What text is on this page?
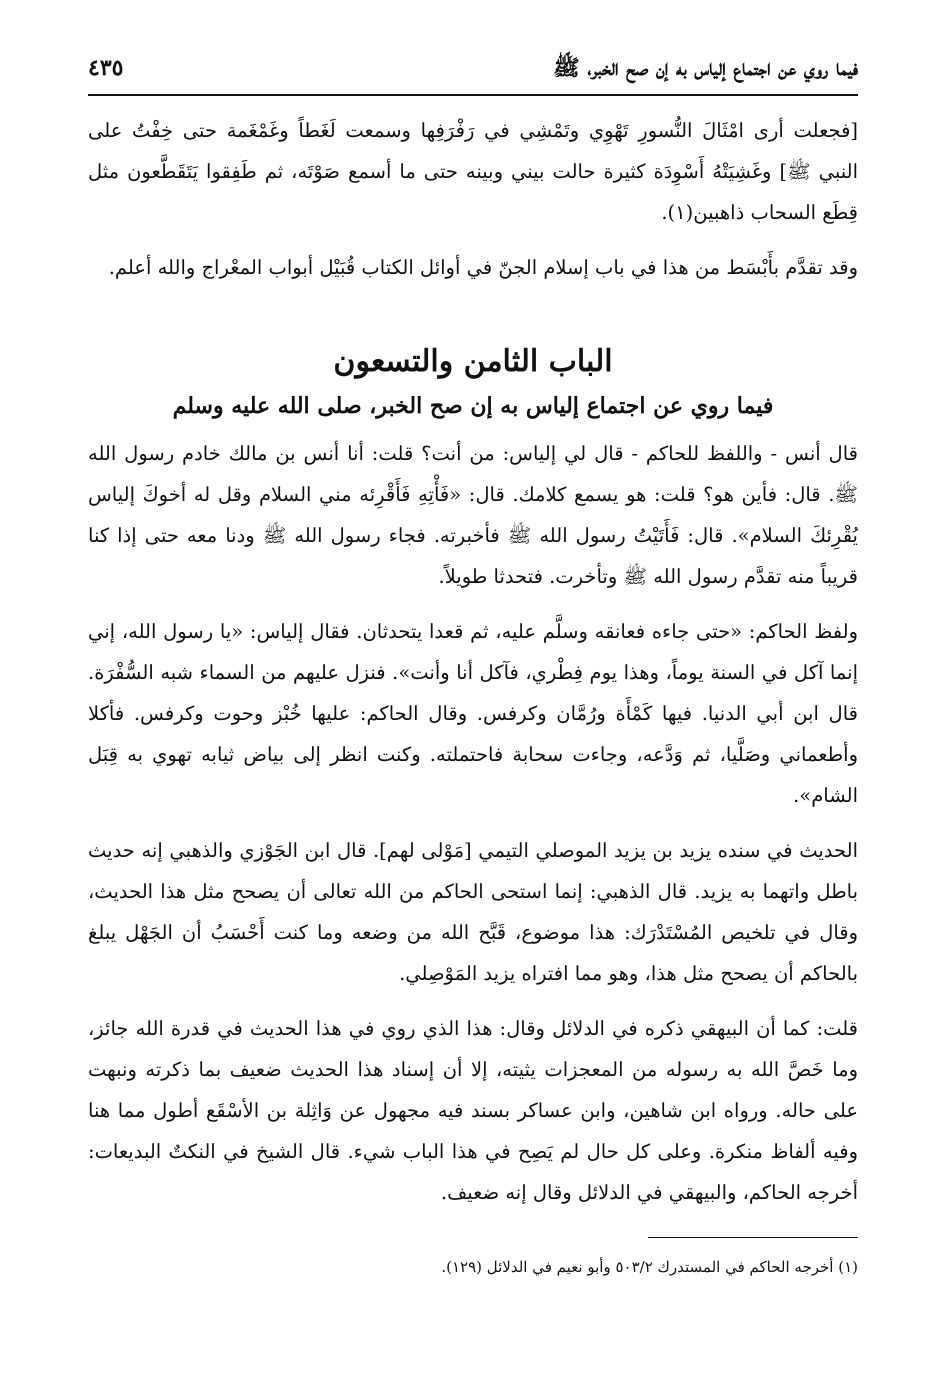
فيما روي عن اجتماع إلياس به إن صح الخبر، ﷺ
٤٣٥

[فجعلت أرى امْثَالَ النُّسورِ تَهْوِي وتَمْشِي في رَفْرَفِها وسمعت لَغَطاً وغَمْغَمة حتى خِفْتُ على النبي ﷺ] وغَشِيَتْهُ أَسْوِدَة كثيرة حالت بيني وبينه حتى ما أسمع صَوْتَه، ثم طَفِقوا يَتَقَطَّعون مثل قِطَع السحاب ذاهبين(١).

وقد تقدَّم بأَبْسَط من هذا في باب إسلام الجنّ في أوائل الكتاب قُبَيْل أبواب المعْراج والله أعلم.

الباب الثامن والتسعون
فيما روي عن اجتماع إلياس به إن صح الخبر، صلى الله عليه وسلم

قال أنس - واللفظ للحاكم - قال لي إلياس: من أنت؟ قلت: أنا أنس بن مالك خادم رسول الله ﷺ. قال: فأين هو؟ قلت: هو يسمع كلامك. قال: «فَأْتِهِ فَأَقْرِئه مني السلام وقل له أخوكَ إلياس يُقْرِئكَ السلام». قال: فَأَتَيْتُ رسول الله ﷺ فأخبرته. فجاء رسول الله ﷺ ودنا معه حتى إذا كنا قريباً منه تقدَّم رسول الله ﷺ وتأخرت. فتحدثا طويلاً.

ولفظ الحاكم: «حتى جاءه فعانقه وسلَّم عليه، ثم قعدا يتحدثان. فقال إلياس: «يا رسول الله، إني إنما آكل في السنة يوماً، وهذا يوم فِطْري، فآكل أنا وأنت». فنزل عليهم من السماء شبه السُّفْرَة. قال ابن أبي الدنيا. فيها كَمْأَة ورُمَّان وكرفس. وقال الحاكم: عليها خُبْز وحوت وكرفس. فأكلا وأطعماني وصَلَّيا، ثم وَدَّعه، وجاءت سحابة فاحتملته. وكنت انظر إلى بياض ثيابه تهوي به قِبَل الشام».

الحديث في سنده يزيد بن يزيد الموصلي التيمي [مَوْلى لهم]. قال ابن الجَوْزي والذهبي إنه حديث باطل واتهما به يزيد. قال الذهبي: إنما استحى الحاكم من الله تعالى أن يصحح مثل هذا الحديث، وقال في تلخيص المُسْتَدْرَك: هذا موضوع، قَبَّح الله من وضعه وما كنت أَحْسَبُ أن الجَهْل يبلغ بالحاكم أن يصحح مثل هذا، وهو مما افتراه يزيد المَوْصِلي.

قلت: كما أن البيهقي ذكره في الدلائل وقال: هذا الذي روي في هذا الحديث في قدرة الله جائز، وما خَصَّ الله به رسوله من المعجزات يثيته، إلا أن إسناد هذا الحديث ضعيف بما ذكرته ونبهت على حاله. ورواه ابن شاهين، وابن عساكر بسند فيه مجهول عن وَاثِلة بن الأسْقَع أطول مما هنا وفيه ألفاظ منكرة. وعلى كل حال لم يَصِح في هذا الباب شيء. قال الشيخ في النكتٌ البديعات: أخرجه الحاكم، والبيهقي في الدلائل وقال إنه ضعيف.

(١) أخرجه الحاكم في المستدرك ٥٠٣/٢ وأبو نعيم في الدلائل (١٢٩).
